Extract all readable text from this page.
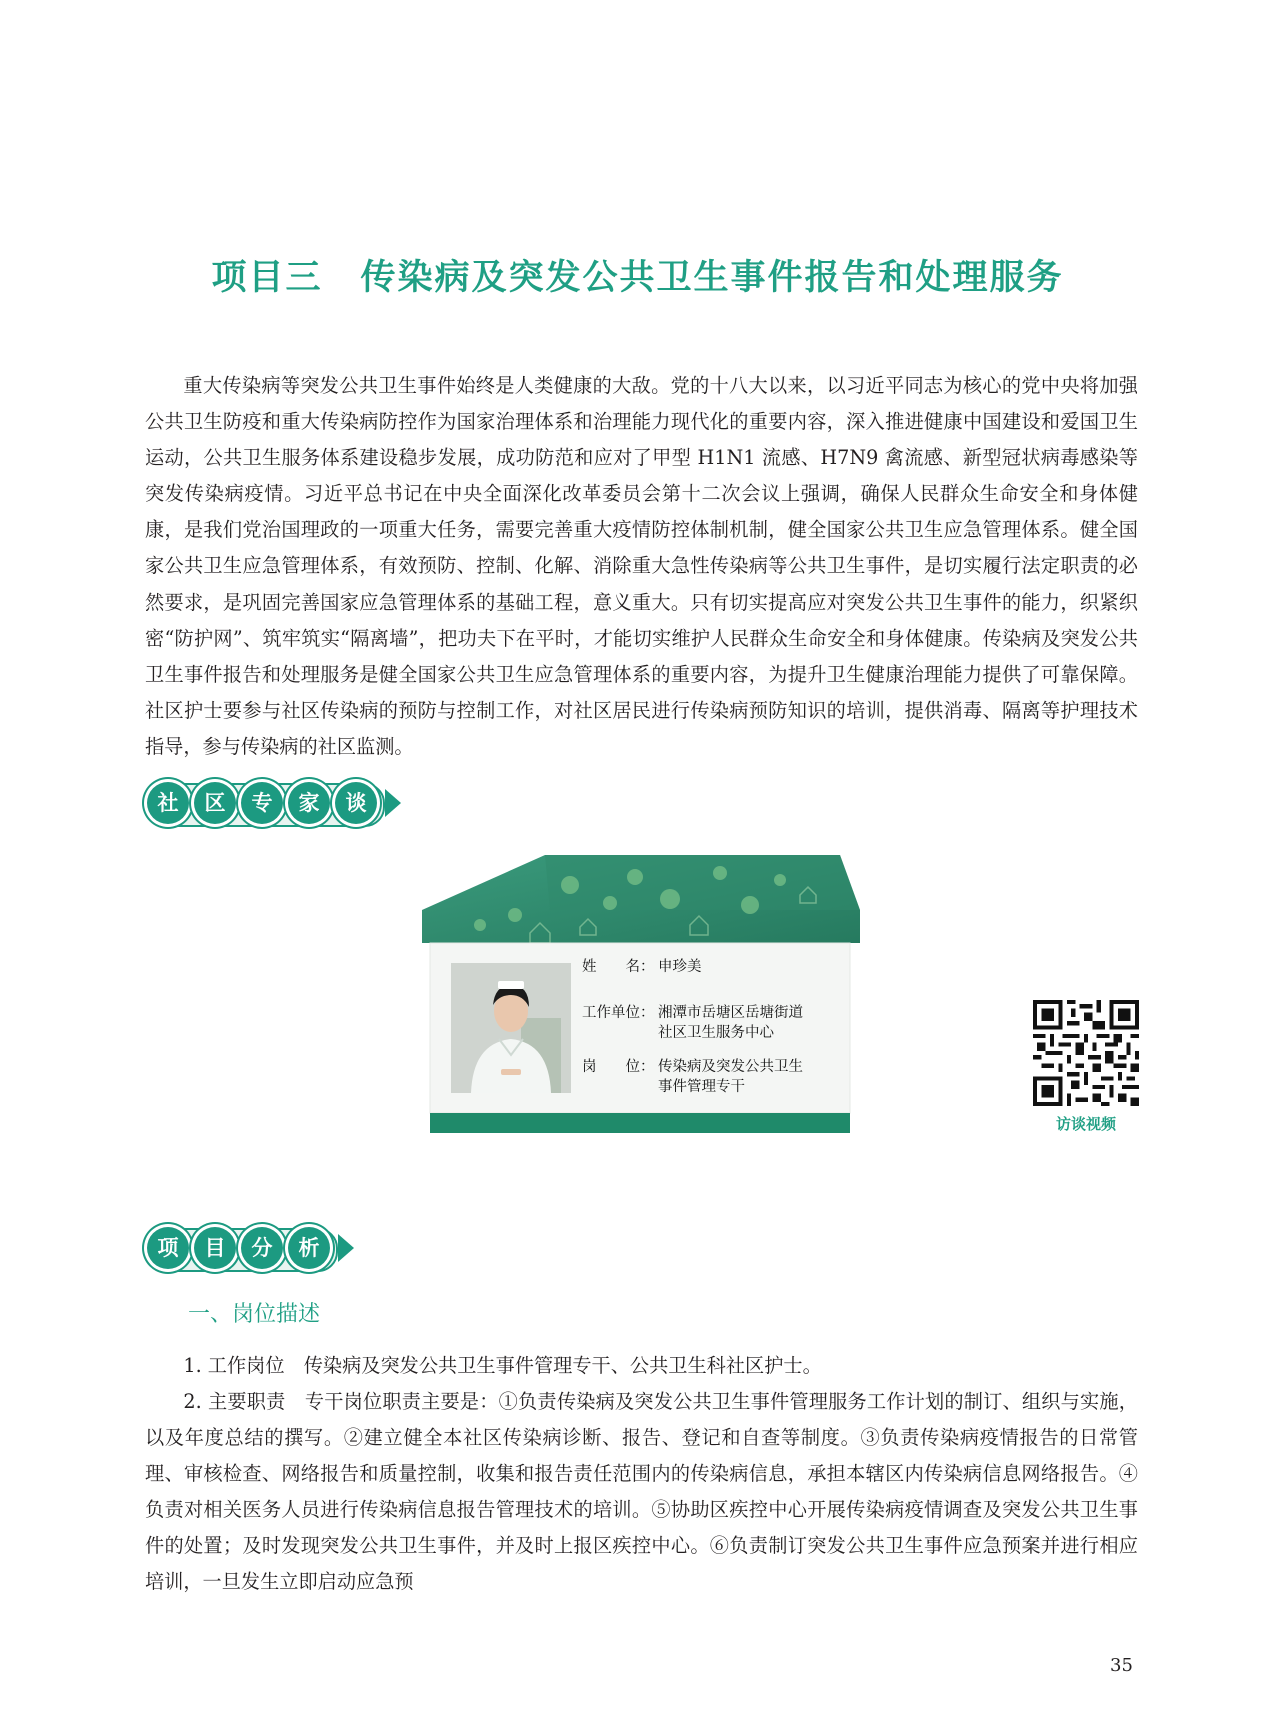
项目三 传染病及突发公共卫生事件报告和处理服务

重大传染病等突发公共卫生事件始终是人类健康的大敌。党的十八大以来，以习近平同志为核心的党中央将加强公共卫生防疫和重大传染病防控作为国家治理体系和治理能力现代化的重要内容，深入推进健康中国建设和爱国卫生运动，公共卫生服务体系建设稳步发展，成功防范和应对了甲型 H1N1 流感、H7N9 禽流感、新型冠状病毒感染等突发传染病疫情。习近平总书记在中央全面深化改革委员会第十二次会议上强调，确保人民群众生命安全和身体健康，是我们党治国理政的一项重大任务，需要完善重大疫情防控体制机制，健全国家公共卫生应急管理体系。健全国家公共卫生应急管理体系，有效预防、控制、化解、消除重大急性传染病等公共卫生事件，是切实履行法定职责的必然要求，是巩固完善国家应急管理体系的基础工程，意义重大。只有切实提高应对突发公共卫生事件的能力，织紧织密“防护网”、筑牢筑实“隔离墙”，把功夫下在平时，才能切实维护人民群众生命安全和身体健康。传染病及突发公共卫生事件报告和处理服务是健全国家公共卫生应急管理体系的重要内容，为提升卫生健康治理能力提供了可靠保障。社区护士要参与社区传染病的预防与控制工作，对社区居民进行传染病预防知识的培训，提供消毒、隔离等护理技术指导，参与传染病的社区监测。

社	区	专	家	谈
姓　　名： 申珍美
工作单位： 湘潭市岳塘区岳塘街道
社区卫生服务中心
岗　　位： 传染病及突发公共卫生
事件管理专干
访谈视频
项	目	分	析
一、岗位描述

1. 工作岗位　传染病及突发公共卫生事件管理专干、公共卫生科社区护士。

2. 主要职责　专干岗位职责主要是：①负责传染病及突发公共卫生事件管理服务工作计划的制订、组织与实施，以及年度总结的撰写。②建立健全本社区传染病诊断、报告、登记和自查等制度。③负责传染病疫情报告的日常管理、审核检查、网络报告和质量控制，收集和报告责任范围内的传染病信息，承担本辖区内传染病信息网络报告。④负责对相关医务人员进行传染病信息报告管理技术的培训。⑤协助区疾控中心开展传染病疫情调查及突发公共卫生事件的处置；及时发现突发公共卫生事件，并及时上报区疾控中心。⑥负责制订突发公共卫生事件应急预案并进行相应培训，一旦发生立即启动应急预

35
